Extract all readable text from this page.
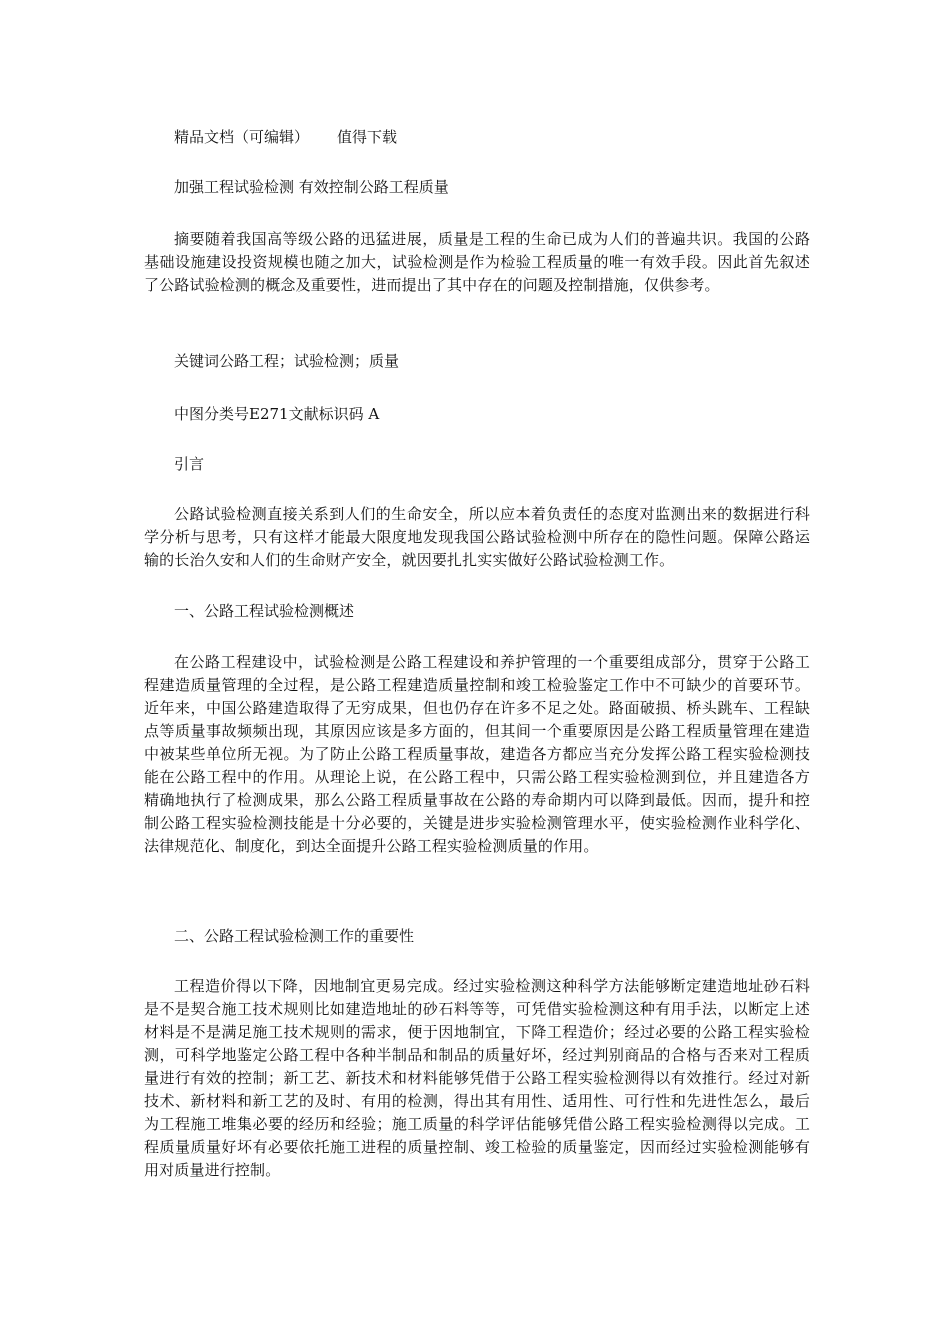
精品文档（可编辑） 值得下载

加强工程试验检测 有效控制公路工程质量

摘要随着我国高等级公路的迅猛进展，质量是工程的生命已成为人们的普遍共识。我国的公路基础设施建设投资规模也随之加大，试验检测是作为检验工程质量的唯一有效手段。因此首先叙述了公路试验检测的概念及重要性，进而提出了其中存在的问题及控制措施，仅供参考。

关键词公路工程；试验检测；质量

中图分类号E271文献标识码 A

引言

公路试验检测直接关系到人们的生命安全，所以应本着负责任的态度对监测出来的数据进行科学分析与思考，只有这样才能最大限度地发现我国公路试验检测中所存在的隐性问题。保障公路运输的长治久安和人们的生命财产安全，就因要扎扎实实做好公路试验检测工作。

一、公路工程试验检测概述

在公路工程建设中，试验检测是公路工程建设和养护管理的一个重要组成部分，贯穿于公路工程建造质量管理的全过程，是公路工程建造质量控制和竣工检验鉴定工作中不可缺少的首要环节。近年来，中国公路建造取得了无穷成果，但也仍存在许多不足之处。路面破损、桥头跳车、工程缺点等质量事故频频出现，其原因应该是多方面的，但其间一个重要原因是公路工程质量管理在建造中被某些单位所无视。为了防止公路工程质量事故，建造各方都应当充分发挥公路工程实验检测技能在公路工程中的作用。从理论上说，在公路工程中，只需公路工程实验检测到位，并且建造各方精确地执行了检测成果，那么公路工程质量事故在公路的寿命期内可以降到最低。因而，提升和控制公路工程实验检测技能是十分必要的，关键是进步实验检测管理水平，使实验检测作业科学化、法律规范化、制度化，到达全面提升公路工程实验检测质量的作用。

二、公路工程试验检测工作的重要性

工程造价得以下降，因地制宜更易完成。经过实验检测这种科学方法能够断定建造地址砂石料是不是契合施工技术规则比如建造地址的砂石料等等，可凭借实验检测这种有用手法，以断定上述材料是不是满足施工技术规则的需求，便于因地制宜，下降工程造价；经过必要的公路工程实验检测，可科学地鉴定公路工程中各种半制品和制品的质量好坏，经过判别商品的合格与否来对工程质量进行有效的控制；新工艺、新技术和材料能够凭借于公路工程实验检测得以有效推行。经过对新技术、新材料和新工艺的及时、有用的检测，得出其有用性、适用性、可行性和先进性怎么，最后为工程施工堆集必要的经历和经验；施工质量的科学评估能够凭借公路工程实验检测得以完成。工程质量质量好坏有必要依托施工进程的质量控制、竣工检验的质量鉴定，因而经过实验检测能够有用对质量进行控制。
